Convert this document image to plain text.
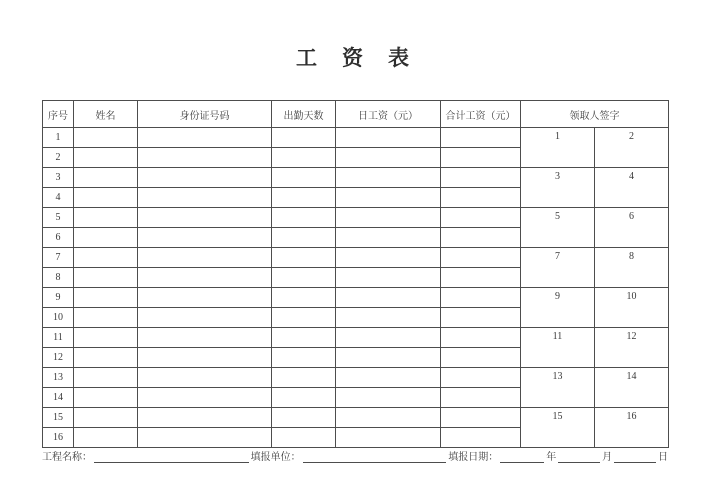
工　资　表
序号	姓名	身份证号码	出勤天数	日工资（元）	合计工资（元）	领取人签字	
1						1	2
2							
3						3	4
4							
5						5	6
6							
7						7	8
8							
9						9	10
10							
11						11	12
12							
13						13	14
14							
15						15	16
16							
工程名称：	填报单位：	填报日期：	年	月	日
